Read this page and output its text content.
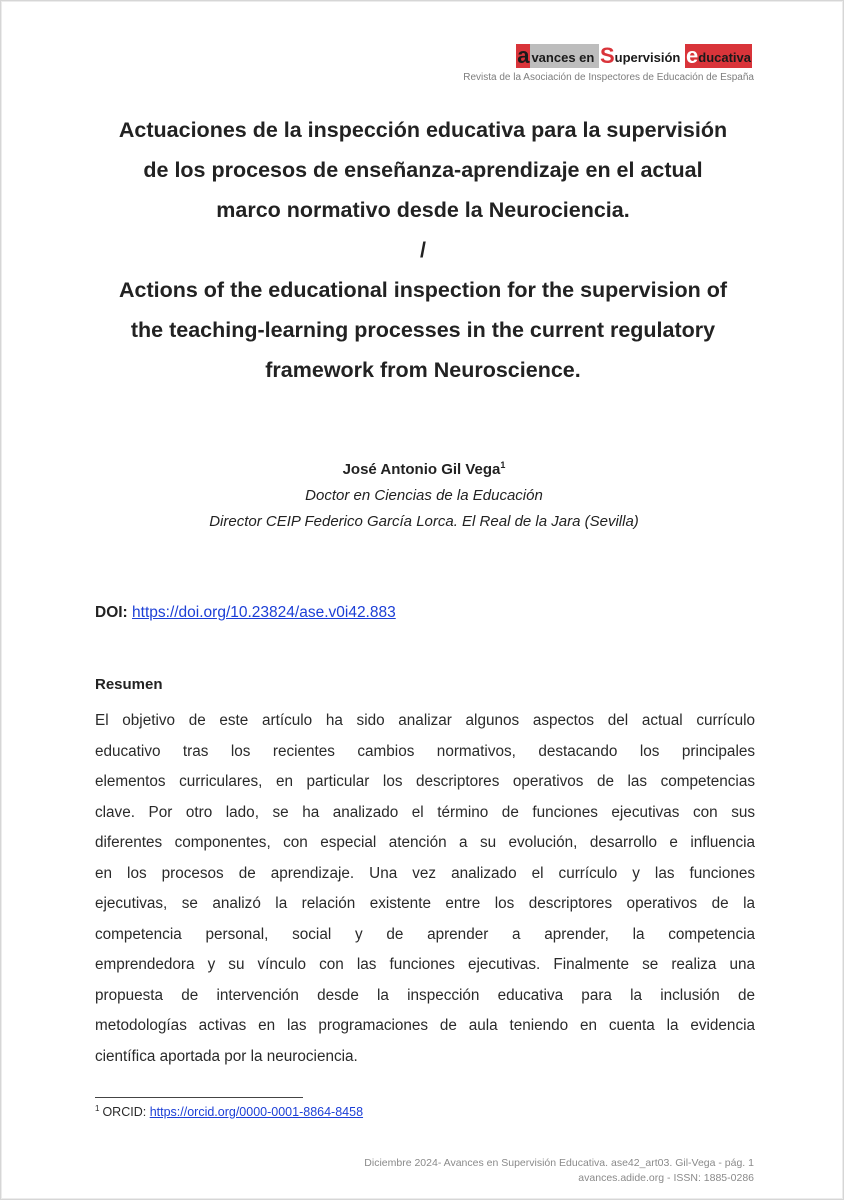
a vances en S upervisión e ducativa
Revista de la Asociación de Inspectores de Educación de España
Actuaciones de la inspección educativa para la supervisión
de los procesos de enseñanza-aprendizaje en el actual
marco normativo desde la Neurociencia.
/
Actions of the educational inspection for the supervision of
the teaching-learning processes in the current regulatory
framework from Neuroscience.
José Antonio Gil Vega$^1$
Doctor en Ciencias de la Educación
Director CEIP Federico García Lorca. El Real de la Jara (Sevilla)
DOI: https://doi.org/10.23824/ase.v0i42.883
Resumen
El objetivo de este artículo ha sido analizar algunos aspectos del actual currículo
educativo tras los recientes cambios normativos, destacando los principales
elementos curriculares, en particular los descriptores operativos de las competencias
clave. Por otro lado, se ha analizado el término de funciones ejecutivas con sus
diferentes componentes, con especial atención a su evolución, desarrollo e influencia
en los procesos de aprendizaje. Una vez analizado el currículo y las funciones
ejecutivas, se analizó la relación existente entre los descriptores operativos de la
competencia personal, social y de aprender a aprender, la competencia
emprendedora y su vínculo con las funciones ejecutivas. Finalmente se realiza una
propuesta de intervención desde la inspección educativa para la inclusión de
metodologías activas en las programaciones de aula teniendo en cuenta la evidencia
científica aportada por la neurociencia.
$^1$ ORCID: https://orcid.org/0000-0001-8864-8458
Diciembre 2024- Avances en Supervisión Educativa. ase42_art03. Gil-Vega - pág. 1
avances.adide.org - ISSN: 1885-0286
